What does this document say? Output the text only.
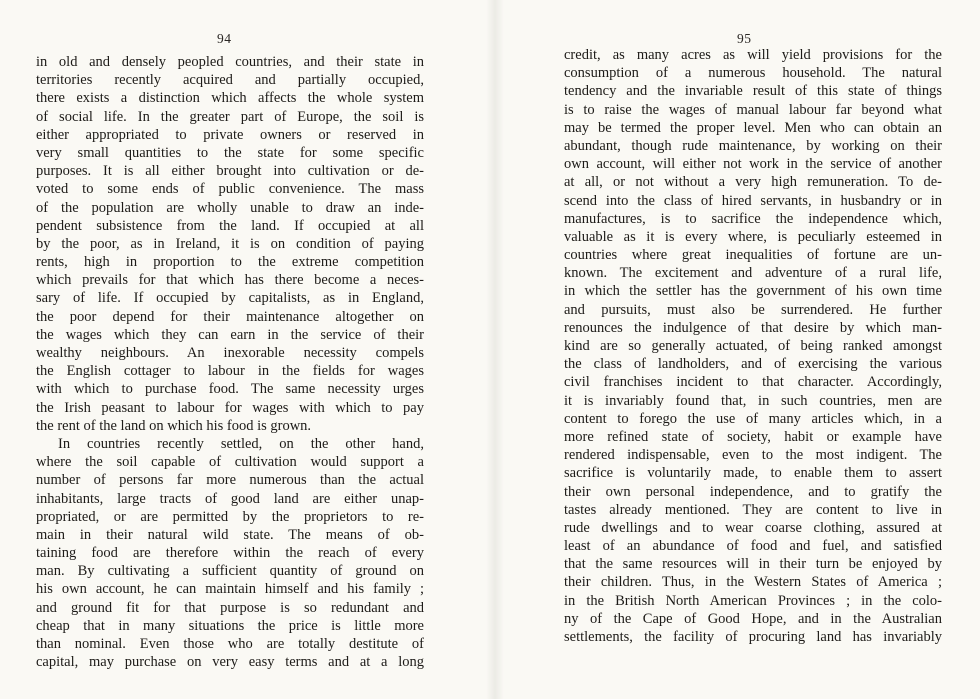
94
in old and densely peopled countries, and their state in
territories recently acquired and partially occupied,
there exists a distinction which affects the whole system
of social life. In the greater part of Europe, the soil is
either appropriated to private owners or reserved in
very small quantities to the state for some specific
purposes. It is all either brought into cultivation or de-
voted to some ends of public convenience. The mass
of the population are wholly unable to draw an inde-
pendent subsistence from the land. If occupied at all
by the poor, as in Ireland, it is on condition of paying
rents, high in proportion to the extreme competition
which prevails for that which has there become a neces-
sary of life. If occupied by capitalists, as in England,
the poor depend for their maintenance altogether on
the wages which they can earn in the service of their
wealthy neighbours. An inexorable necessity compels
the English cottager to labour in the fields for wages
with which to purchase food. The same necessity urges
the Irish peasant to labour for wages with which to pay
the rent of the land on which his food is grown.
In countries recently settled, on the other hand,
where the soil capable of cultivation would support a
number of persons far more numerous than the actual
inhabitants, large tracts of good land are either unap-
propriated, or are permitted by the proprietors to re-
main in their natural wild state. The means of ob-
taining food are therefore within the reach of every
man. By cultivating a sufficient quantity of ground on
his own account, he can maintain himself and his family ;
and ground fit for that purpose is so redundant and
cheap that in many situations the price is little more
than nominal. Even those who are totally destitute of
capital, may purchase on very easy terms and at a long
95
credit, as many acres as will yield provisions for the
consumption of a numerous household. The natural
tendency and the invariable result of this state of things
is to raise the wages of manual labour far beyond what
may be termed the proper level. Men who can obtain an
abundant, though rude maintenance, by working on their
own account, will either not work in the service of another
at all, or not without a very high remuneration. To de-
scend into the class of hired servants, in husbandry or in
manufactures, is to sacrifice the independence which,
valuable as it is every where, is peculiarly esteemed in
countries where great inequalities of fortune are un-
known. The excitement and adventure of a rural life,
in which the settler has the government of his own time
and pursuits, must also be surrendered. He further
renounces the indulgence of that desire by which man-
kind are so generally actuated, of being ranked amongst
the class of landholders, and of exercising the various
civil franchises incident to that character. Accordingly,
it is invariably found that, in such countries, men are
content to forego the use of many articles which, in a
more refined state of society, habit or example have
rendered indispensable, even to the most indigent. The
sacrifice is voluntarily made, to enable them to assert
their own personal independence, and to gratify the
tastes already mentioned. They are content to live in
rude dwellings and to wear coarse clothing, assured at
least of an abundance of food and fuel, and satisfied
that the same resources will in their turn be enjoyed by
their children. Thus, in the Western States of America ;
in the British North American Provinces ; in the colo-
ny of the Cape of Good Hope, and in the Australian
settlements, the facility of procuring land has invariably
